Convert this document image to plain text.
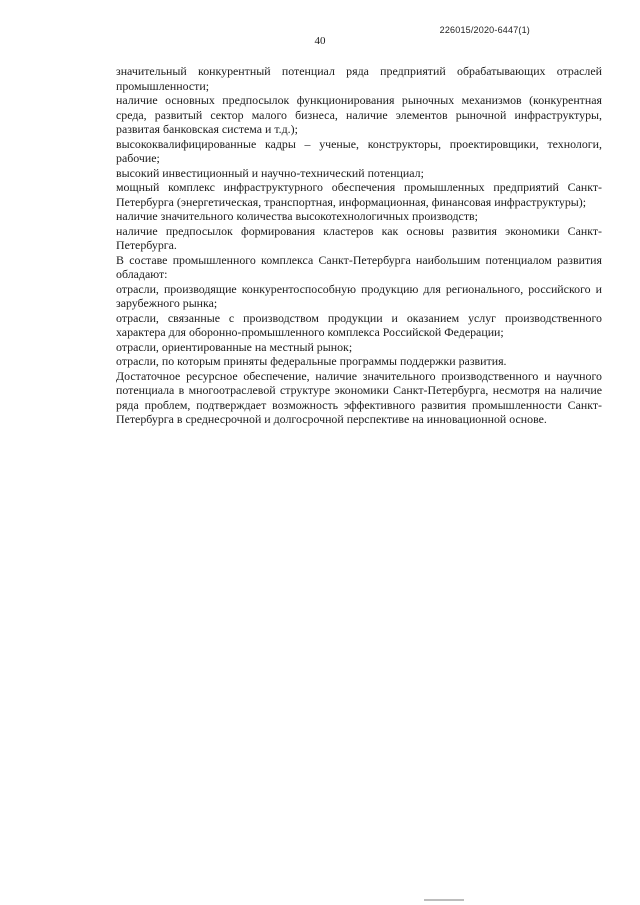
226015/2020-6447(1)
40

значительный конкурентный потенциал ряда предприятий обрабатывающих отраслей промышленности;

наличие основных предпосылок функционирования рыночных механизмов (конкурентная среда, развитый сектор малого бизнеса, наличие элементов рыночной инфраструктуры, развитая банковская система и т.д.);

высококвалифицированные кадры – ученые, конструкторы, проектировщики, технологи, рабочие;

высокий инвестиционный и научно-технический потенциал;

мощный комплекс инфраструктурного обеспечения промышленных предприятий Санкт-Петербурга (энергетическая, транспортная, информационная, финансовая инфраструктуры);

наличие значительного количества высокотехнологичных производств;

наличие предпосылок формирования кластеров как основы развития экономики Санкт-Петербурга.

В составе промышленного комплекса Санкт-Петербурга наибольшим потенциалом развития обладают:

отрасли, производящие конкурентоспособную продукцию для регионального, российского и зарубежного рынка;

отрасли, связанные с производством продукции и оказанием услуг производственного характера для оборонно-промышленного комплекса Российской Федерации;

отрасли, ориентированные на местный рынок;

отрасли, по которым приняты федеральные программы поддержки развития.

Достаточное ресурсное обеспечение, наличие значительного производственного и научного потенциала в многоотраслевой структуре экономики Санкт-Петербурга, несмотря на наличие ряда проблем, подтверждает возможность эффективного развития промышленности Санкт-Петербурга в среднесрочной и долгосрочной перспективе на инновационной основе.
